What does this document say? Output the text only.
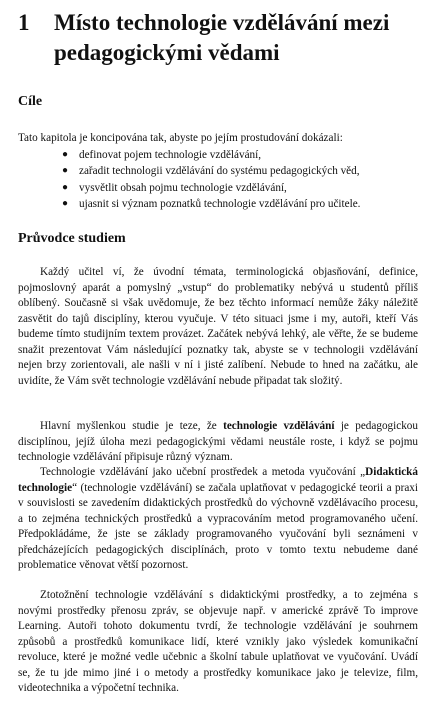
1 Místo technologie vzdělávání mezi pedagogickými vědami
Cíle

Tato kapitola je koncipována tak, abyste po jejím prostudování dokázali:

● definovat pojem technologie vzdělávání,
● zařadit technologii vzdělávání do systému pedagogických věd,
● vysvětlit obsah pojmu technologie vzdělávání,
● ujasnit si význam poznatků technologie vzdělávání pro učitele.
Průvodce studiem

Každý učitel ví, že úvodní témata, terminologická objasňování, definice, pojmoslovný aparát a pomyslný „vstup“ do problematiky nebývá u studentů příliš oblíbený. Současně si však uvědomuje, že bez těchto informací nemůže žáky náležitě zasvětit do tajů disciplíny, kterou vyučuje. V této situaci jsme i my, autoři, kteří Vás budeme tímto studijním textem provázet. Začátek nebývá lehký, ale věřte, že se budeme snažit prezentovat Vám následující poznatky tak, abyste se v technologii vzdělávání nejen brzy zorientovali, ale našli v ní i jisté zalíbení. Nebude to hned na začátku, ale uvidíte, že Vám svět technologie vzdělávání nebude připadat tak složitý.

Hlavní myšlenkou studie je teze, že technologie vzdělávání je pedagogickou disciplínou, jejíž úloha mezi pedagogickými vědami neustále roste, i když se pojmu technologie vzdělávání připisuje různý význam.

Technologie vzdělávání jako učební prostředek a metoda vyučování „Didaktická technologie“ (technologie vzdělávání) se začala uplatňovat v pedagogické teorii a praxi v souvislosti se zavedením didaktických prostředků do výchovně vzdělávacího procesu, a to zejména technických prostředků a vypracováním metod programovaného učení. Předpokládáme, že jste se základy programovaného vyučování byli seznámeni v předcházejících pedagogických disciplínách, proto v tomto textu nebudeme dané problematice věnovat větší pozornost.

Ztotožnění technologie vzdělávání s didaktickými prostředky, a to zejména s novými prostředky přenosu zpráv, se objevuje např. v americké zprávě To improve Learning. Autoři tohoto dokumentu tvrdí, že technologie vzdělávání je souhrnem způsobů a prostředků komunikace lidí, které vznikly jako výsledek komunikační revoluce, které je možné vedle učebnic a školní tabule uplatňovat ve vyučování. Uvádí se, že tu jde mimo jiné i o metody a prostředky komunikace jako je televize, film, videotechnika a výpočetní technika.
